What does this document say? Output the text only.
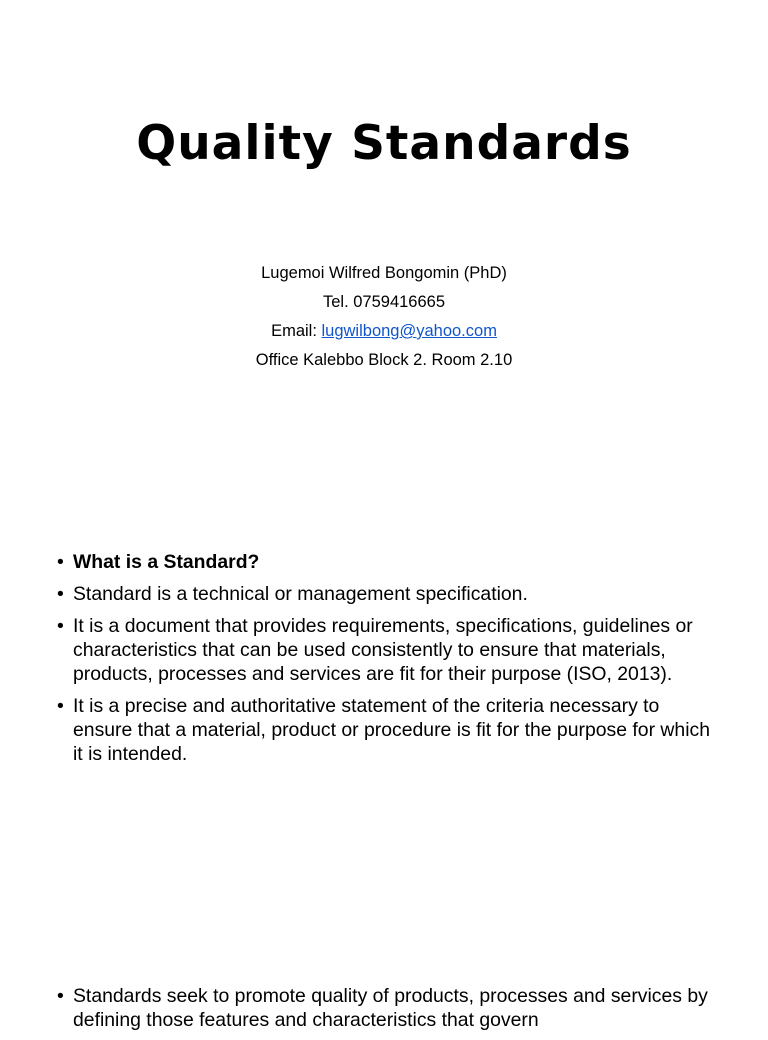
Quality Standards
Lugemoi Wilfred Bongomin (PhD)
Tel. 0759416665
Email: lugwilbong@yahoo.com
Office Kalebbo Block 2. Room 2.10
• What is a Standard?
• Standard is a technical or management specification.
• It is a document that provides requirements, specifications, guidelines or characteristics that can be used consistently to ensure that materials, products, processes and services are fit for their purpose (ISO, 2013).
• It is a precise and authoritative statement of the criteria necessary to ensure that a material, product or procedure is fit for the purpose for which it is intended.
• Standards seek to promote quality of products, processes and services by defining those features and characteristics that govern
